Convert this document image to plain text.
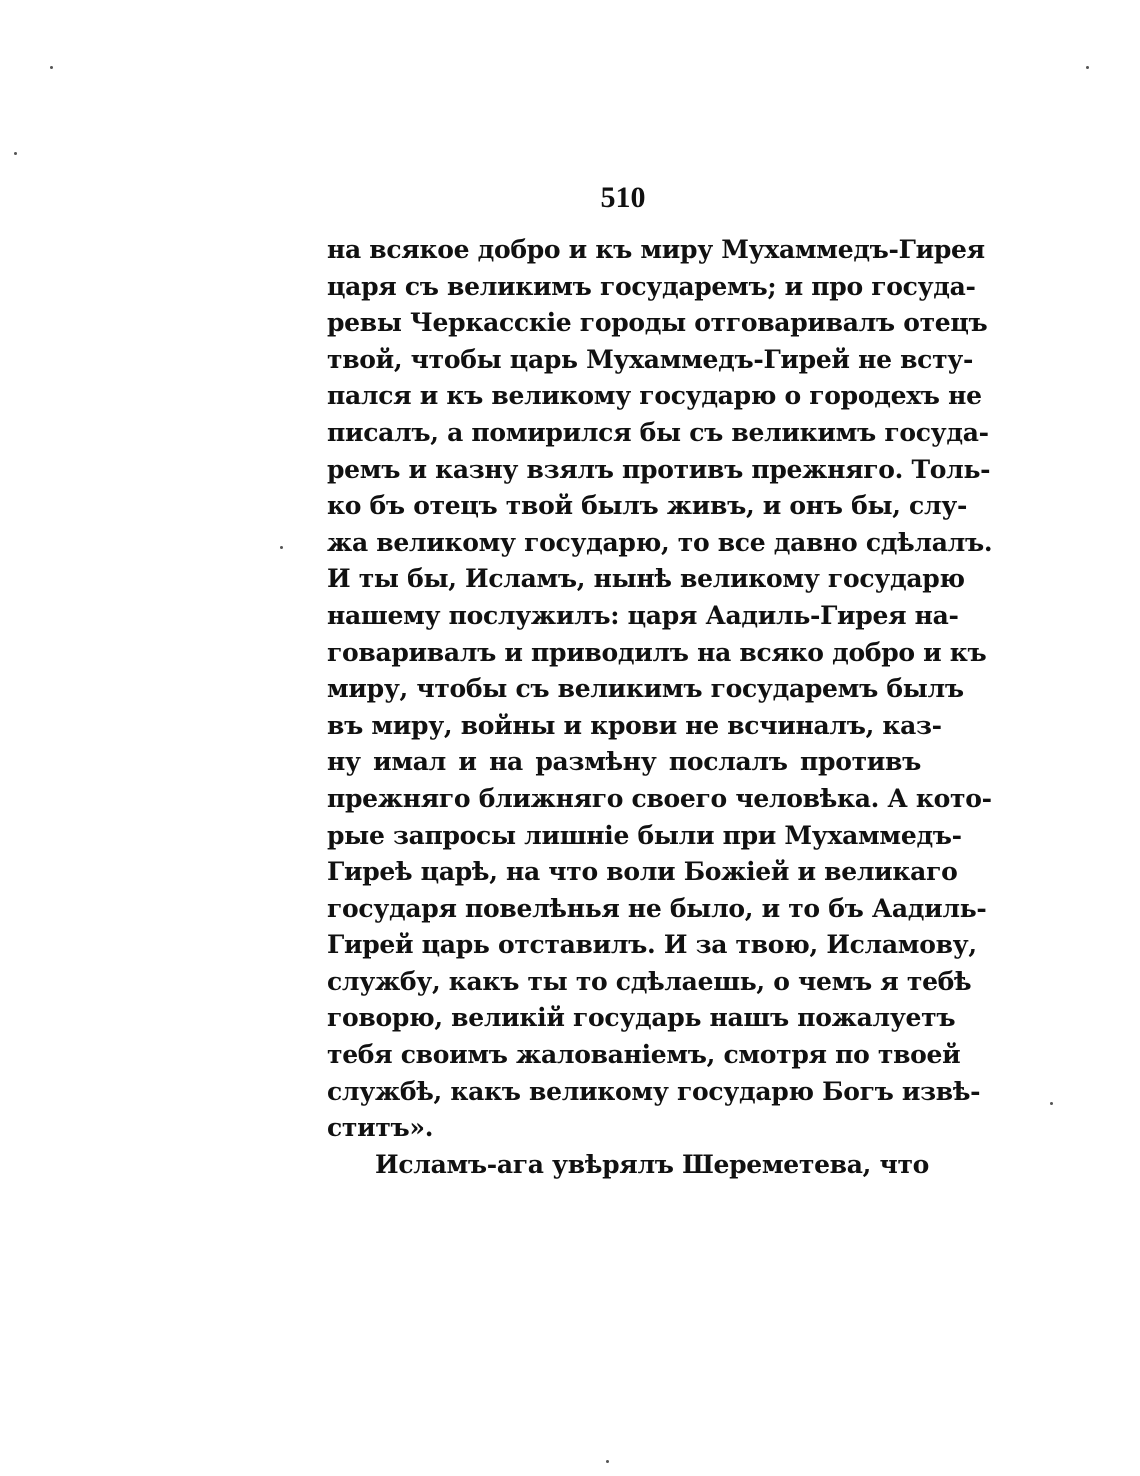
510
на всякое добро и къ миру Мухаммедъ-Гирея
царя съ великимъ государемъ; и про госуда-
ревы Черкасскіе городы отговаривалъ отецъ
твой, чтобы царь Мухаммедъ-Гирей не всту-
пался и къ великому государю о городехъ не
писалъ, а помирился бы съ великимъ госуда-
ремъ и казну взялъ противъ прежняго. Толь-
ко бъ отецъ твой былъ живъ, и онъ бы, слу-
жа великому государю, то все давно сдѣлалъ.
И ты бы, Исламъ, нынѣ великому государю
нашему послужилъ: царя Аадиль-Гирея на-
говаривалъ и приводилъ на всяко добро и къ
миру, чтобы съ великимъ государемъ былъ
въ миру, войны и крови не всчиналъ, каз-
ну имал и на размѣну послалъ противъ
прежняго ближняго своего человѣка. А кото-
рые запросы лишніе были при Мухаммедъ-
Гиреѣ царѣ, на что воли Божіей и великаго
государя повелѣнья не было, и то бъ Аадиль-
Гирей царь отставилъ. И за твою, Исламову,
службу, какъ ты то сдѣлаешь, о чемъ я тебѣ
говорю, великій государь нашъ пожалуетъ
тебя своимъ жалованіемъ, смотря по твоей
службѣ, какъ великому государю Богъ извѣ-
ститъ».
Исламъ-ага увѣрялъ Шереметева, что
